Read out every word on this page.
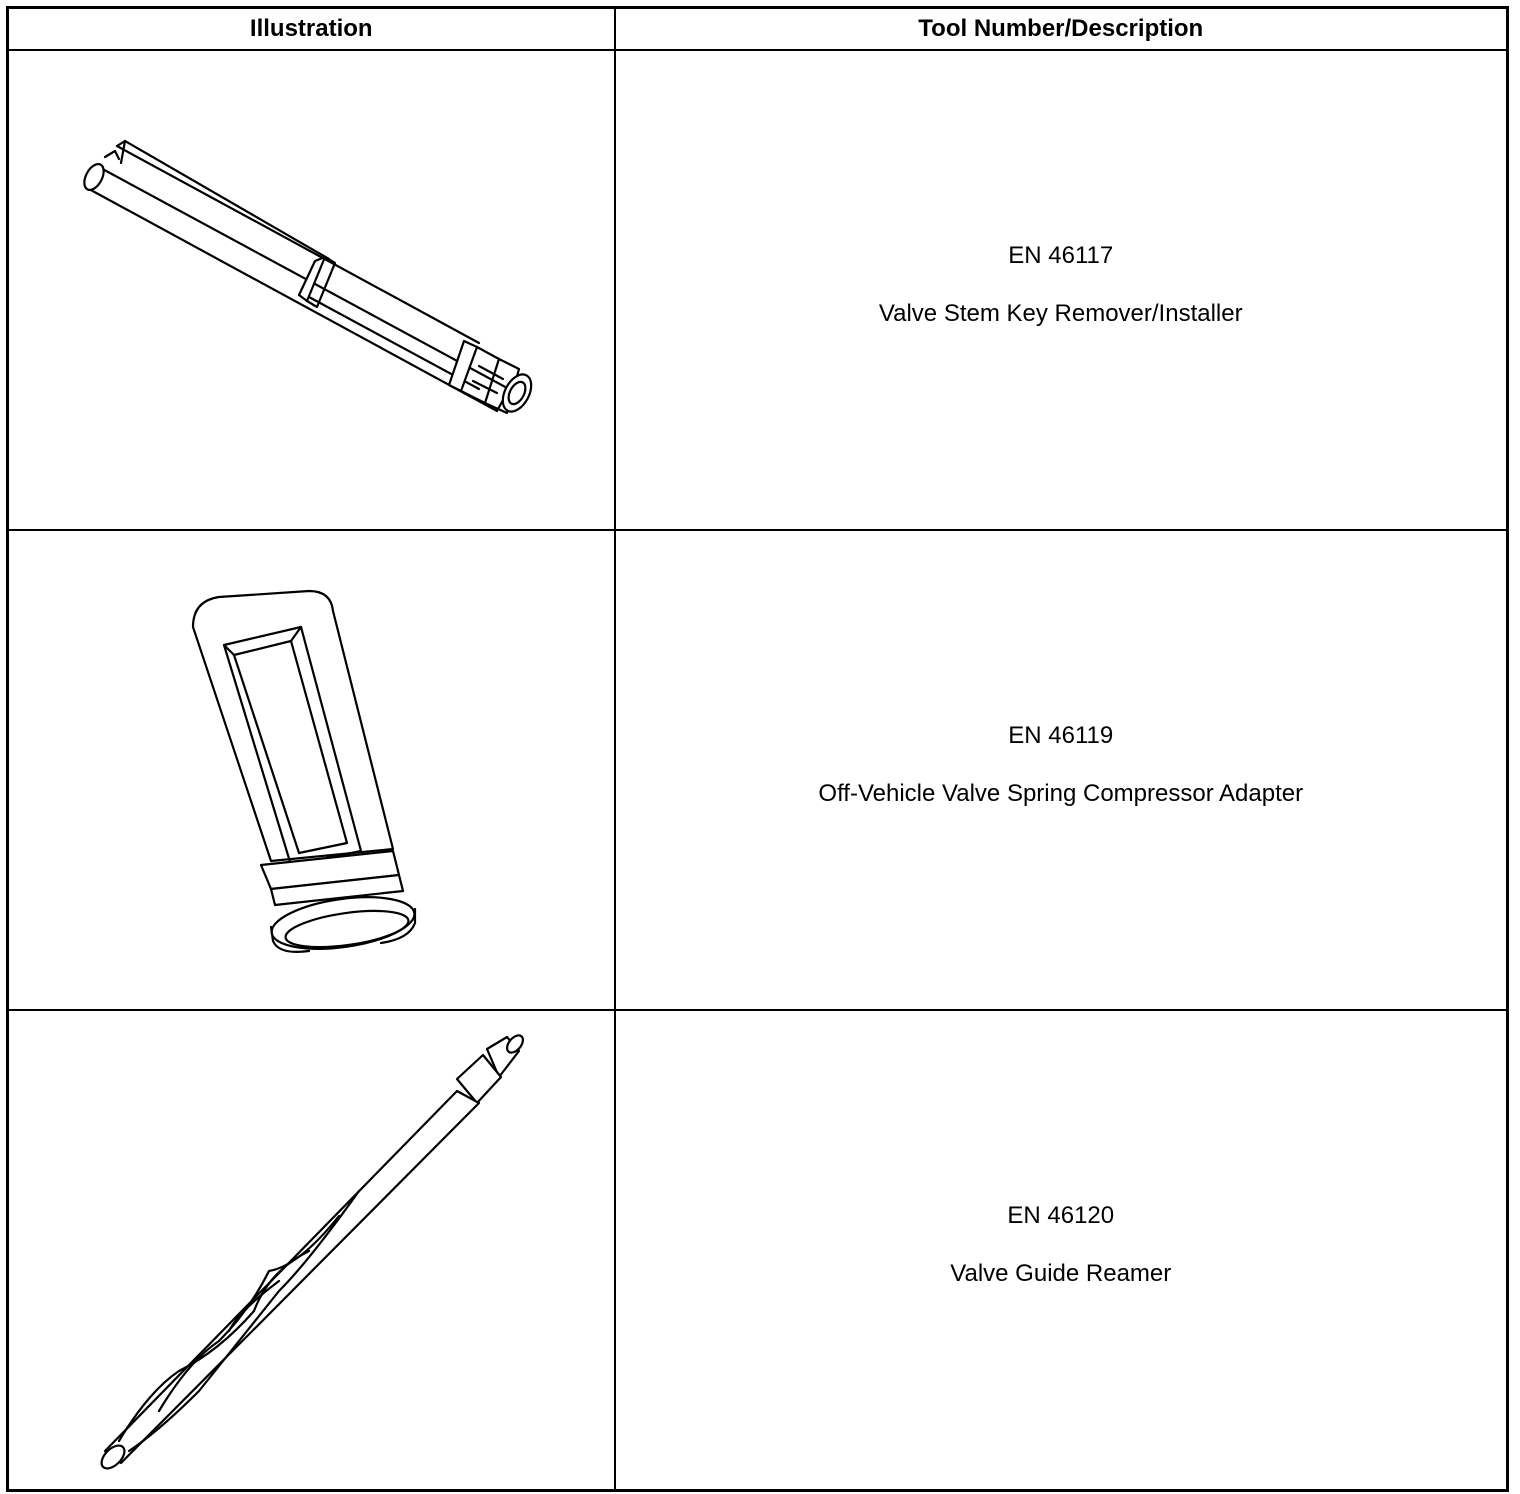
Illustration	Tool Number/Description

EN 46117
Valve Stem Key Remover/Installer

EN 46119
Off-Vehicle Valve Spring Compressor Adapter

EN 46120
Valve Guide Reamer
